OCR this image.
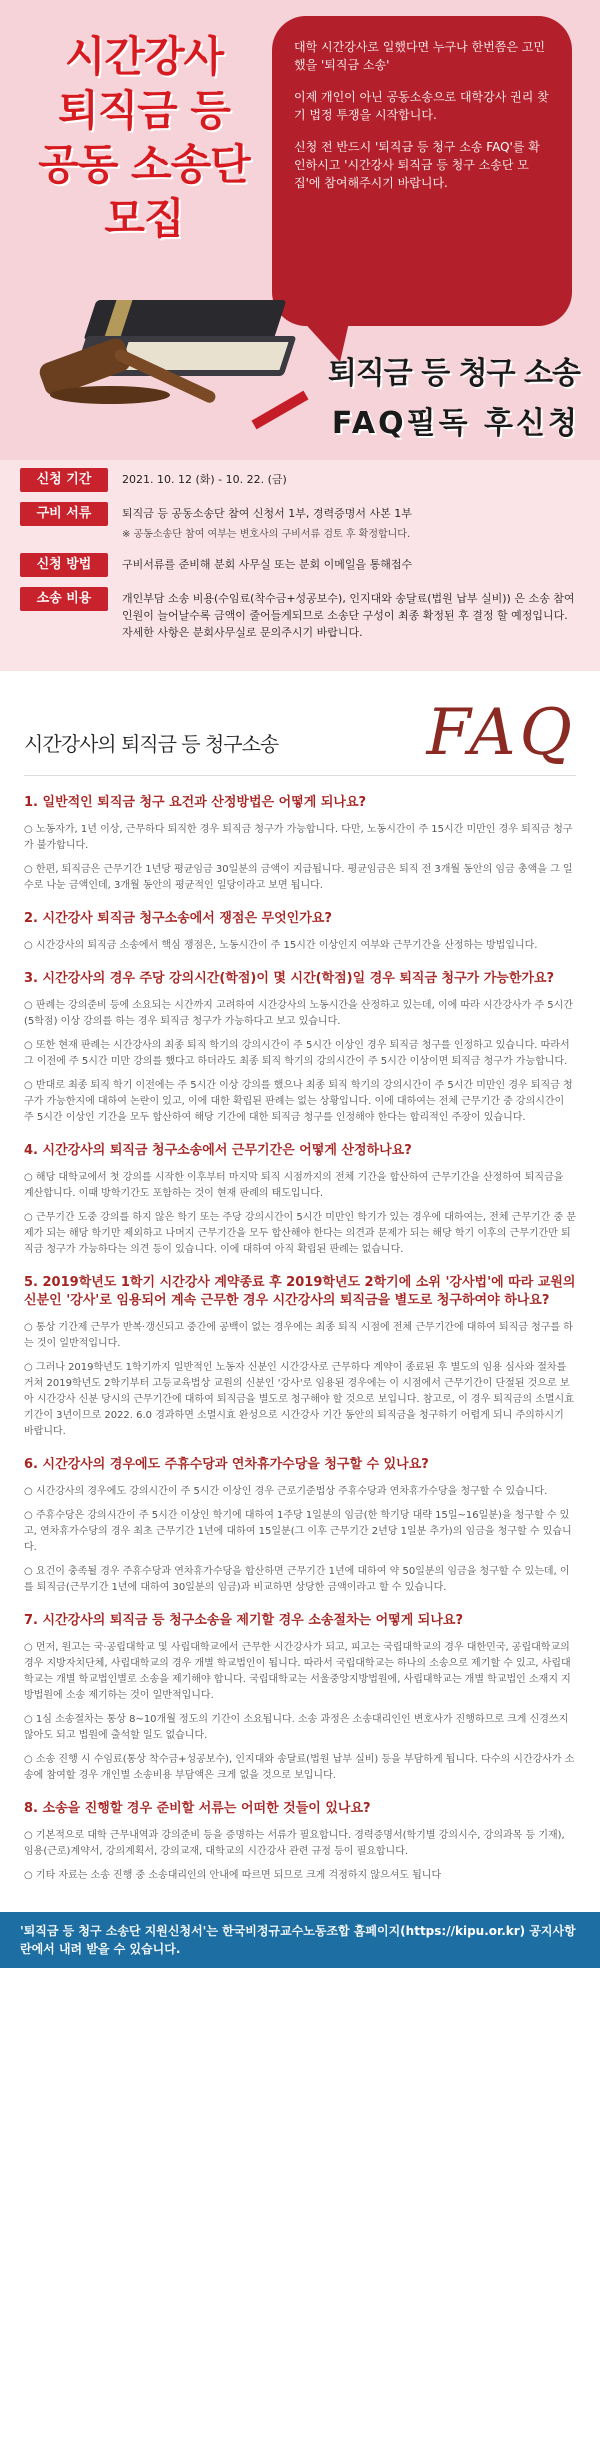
시간강사
퇴직금 등
공동 소송단
모집

대학 시간강사로 일했다면 누구나 한번쯤은 고민했을 '퇴직금 소송'

이제 개인이 아닌 공동소송으로 대학강사 권리 찾기 법정 투쟁을 시작합니다.

신청 전 반드시 '퇴직금 등 청구 소송 FAQ'를 확인하시고 '시간강사 퇴직금 등 청구 소송단 모집'에 참여해주시기 바랍니다.

퇴직금 등 청구 소송
FAQ필독 후신청
신청 기간	2021. 10. 12 (화) - 10. 22. (금)
구비 서류	퇴직금 등 공동소송단 참여 신청서 1부, 경력증명서 사본 1부
※ 공동소송단 참여 여부는 변호사의 구비서류 검토 후 확정합니다.
신청 방법	구비서류를 준비해 분회 사무실 또는 분회 이메일을 통해접수
소송 비용	개인부담 소송 비용(수임료(착수금+성공보수), 인지대와 송달료(법원 납부 실비)) 은 소송 참여 인원이 늘어날수록 금액이 줄어들게되므로 소송단 구성이 최종 확정된 후 결정 할 예정입니다. 자세한 사항은 분회사무실로 문의주시기 바랍니다.
시간강사의 퇴직금 등 청구소송 FAQ
1. 일반적인 퇴직금 청구 요건과 산정방법은 어떻게 되나요?
○ 노동자가, 1년 이상, 근무하다 퇴직한 경우 퇴직금 청구가 가능합니다. 다만, 노동시간이 주 15시간 미만인 경우 퇴직금 청구가 불가합니다.
○ 한편, 퇴직금은 근무기간 1년당 평균임금 30일분의 금액이 지급됩니다. 평균임금은 퇴직 전 3개월 동안의 임금 총액을 그 일수로 나눈 금액인데, 3개월 동안의 평균적인 일당이라고 보면 됩니다.
2. 시간강사 퇴직금 청구소송에서 쟁점은 무엇인가요?
○ 시간강사의 퇴직금 소송에서 핵심 쟁점은, 노동시간이 주 15시간 이상인지 여부와 근무기간을 산정하는 방법입니다.
3. 시간강사의 경우 주당 강의시간(학점)이 몇 시간(학점)일 경우 퇴직금 청구가 가능한가요?
○ 판례는 강의준비 등에 소요되는 시간까지 고려하여 시간강사의 노동시간을 산정하고 있는데, 이에 따라 시간강사가 주 5시간(5학점) 이상 강의를 하는 경우 퇴직금 청구가 가능하다고 보고 있습니다.
○ 또한 현재 판례는 시간강사의 최종 퇴직 학기의 강의시간이 주 5시간 이상인 경우 퇴직금 청구를 인정하고 있습니다. 따라서 그 이전에 주 5시간 미만 강의를 했다고 하더라도 최종 퇴직 학기의 강의시간이 주 5시간 이상이면 퇴직금 청구가 가능합니다.
○ 반대로 최종 퇴직 학기 이전에는 주 5시간 이상 강의를 했으나 최종 퇴직 학기의 강의시간이 주 5시간 미만인 경우 퇴직금 청구가 가능한지에 대하여 논란이 있고, 이에 대한 확립된 판례는 없는 상황입니다. 이에 대하여는 전체 근무기간 중 강의시간이 주 5시간 이상인 기간을 모두 합산하여 해당 기간에 대한 퇴직금 청구를 인정해야 한다는 합리적인 주장이 있습니다.
4. 시간강사의 퇴직금 청구소송에서 근무기간은 어떻게 산정하나요?
○ 해당 대학교에서 첫 강의를 시작한 이후부터 마지막 퇴직 시점까지의 전체 기간을 합산하여 근무기간을 산정하여 퇴직금을 계산합니다. 이때 방학기간도 포함하는 것이 현재 판례의 태도입니다.
○ 근무기간 도중 강의를 하지 않은 학기 또는 주당 강의시간이 5시간 미만인 학기가 있는 경우에 대하여는, 전체 근무기간 중 문제가 되는 해당 학기만 제외하고 나머지 근무기간을 모두 합산해야 한다는 의견과 문제가 되는 해당 학기 이후의 근무기간만 퇴직금 청구가 가능하다는 의견 등이 있습니다. 이에 대하여 아직 확립된 판례는 없습니다.
5. 2019학년도 1학기 시간강사 계약종료 후 2019학년도 2학기에 소위 '강사법'에 따라 교원의 신분인 '강사'로 임용되어 계속 근무한 경우 시간강사의 퇴직금을 별도로 청구하여야 하나요?
○ 통상 기간제 근무가 반복·갱신되고 중간에 공백이 없는 경우에는 최종 퇴직 시점에 전체 근무기간에 대하여 퇴직금 청구를 하는 것이 일반적입니다.
○ 그러나 2019학년도 1학기까지 일반적인 노동자 신분인 시간강사로 근무하다 계약이 종료된 후 별도의 임용 심사와 절차를 거쳐 2019학년도 2학기부터 고등교육법상 교원의 신분인 '강사'로 임용된 경우에는 이 시점에서 근무기간이 단절된 것으로 보아 시간강사 신분 당시의 근무기간에 대하여 퇴직금을 별도로 청구해야 할 것으로 보입니다. 참고로, 이 경우 퇴직금의 소멸시효기간이 3년이므로 2022. 6.0 경과하면 소멸시효 완성으로 시간강사 기간 동안의 퇴직금을 청구하기 어렵게 되니 주의하시기 바랍니다.
6. 시간강사의 경우에도 주휴수당과 연차휴가수당을 청구할 수 있나요?
○ 시간강사의 경우에도 강의시간이 주 5시간 이상인 경우 근로기준법상 주휴수당과 연차휴가수당을 청구할 수 있습니다.
○ 주휴수당은 강의시간이 주 5시간 이상인 학기에 대하여 1주당 1일분의 임금(한 학기당 대략 15일~16일분)을 청구할 수 있고, 연차휴가수당의 경우 최초 근무기간 1년에 대하여 15일분(그 이후 근무기간 2년당 1일분 추가)의 임금을 청구할 수 있습니다.
○ 요건이 충족될 경우 주휴수당과 연차휴가수당을 합산하면 근무기간 1년에 대하여 약 50일분의 임금을 청구할 수 있는데, 이를 퇴직금(근무기간 1년에 대하여 30일분의 임금)과 비교하면 상당한 금액이라고 할 수 있습니다.
7. 시간강사의 퇴직금 등 청구소송을 제기할 경우 소송절차는 어떻게 되나요?
○ 먼저, 원고는 국·공립대학교 및 사립대학교에서 근무한 시간강사가 되고, 피고는 국립대학교의 경우 대한민국, 공립대학교의 경우 지방자치단체, 사립대학교의 경우 개별 학교법인이 됩니다. 따라서 국립대학교는 하나의 소송으로 제기할 수 있고, 사립대학교는 개별 학교법인별로 소송을 제기해야 합니다. 국립대학교는 서울중앙지방법원에, 사립대학교는 개별 학교법인 소재지 지방법원에 소송 제기하는 것이 일반적입니다.
○ 1심 소송절차는 통상 8~10개월 정도의 기간이 소요됩니다. 소송 과정은 소송대리인인 변호사가 진행하므로 크게 신경쓰지 않아도 되고 법원에 출석할 일도 없습니다.
○ 소송 진행 시 수임료(통상 착수금+성공보수), 인지대와 송달료(법원 납부 실비) 등을 부담하게 됩니다. 다수의 시간강사가 소송에 참여할 경우 개인별 소송비용 부담액은 크게 없을 것으로 보입니다.
8. 소송을 진행할 경우 준비할 서류는 어떠한 것들이 있나요?
○ 기본적으로 대학 근무내역과 강의준비 등을 증명하는 서류가 필요합니다. 경력증명서(학기별 강의시수, 강의과목 등 기재), 임용(근로)계약서, 강의계획서, 강의교재, 대학교의 시간강사 관련 규정 등이 필요합니다.
○ 기타 자료는 소송 진행 중 소송대리인의 안내에 따르면 되므로 크게 걱정하지 않으셔도 됩니다
'퇴직금 등 청구 소송단 지원신청서'는 한국비정규교수노동조합 홈페이지(https://kipu.or.kr) 공지사항란에서 내려 받을 수 있습니다.
